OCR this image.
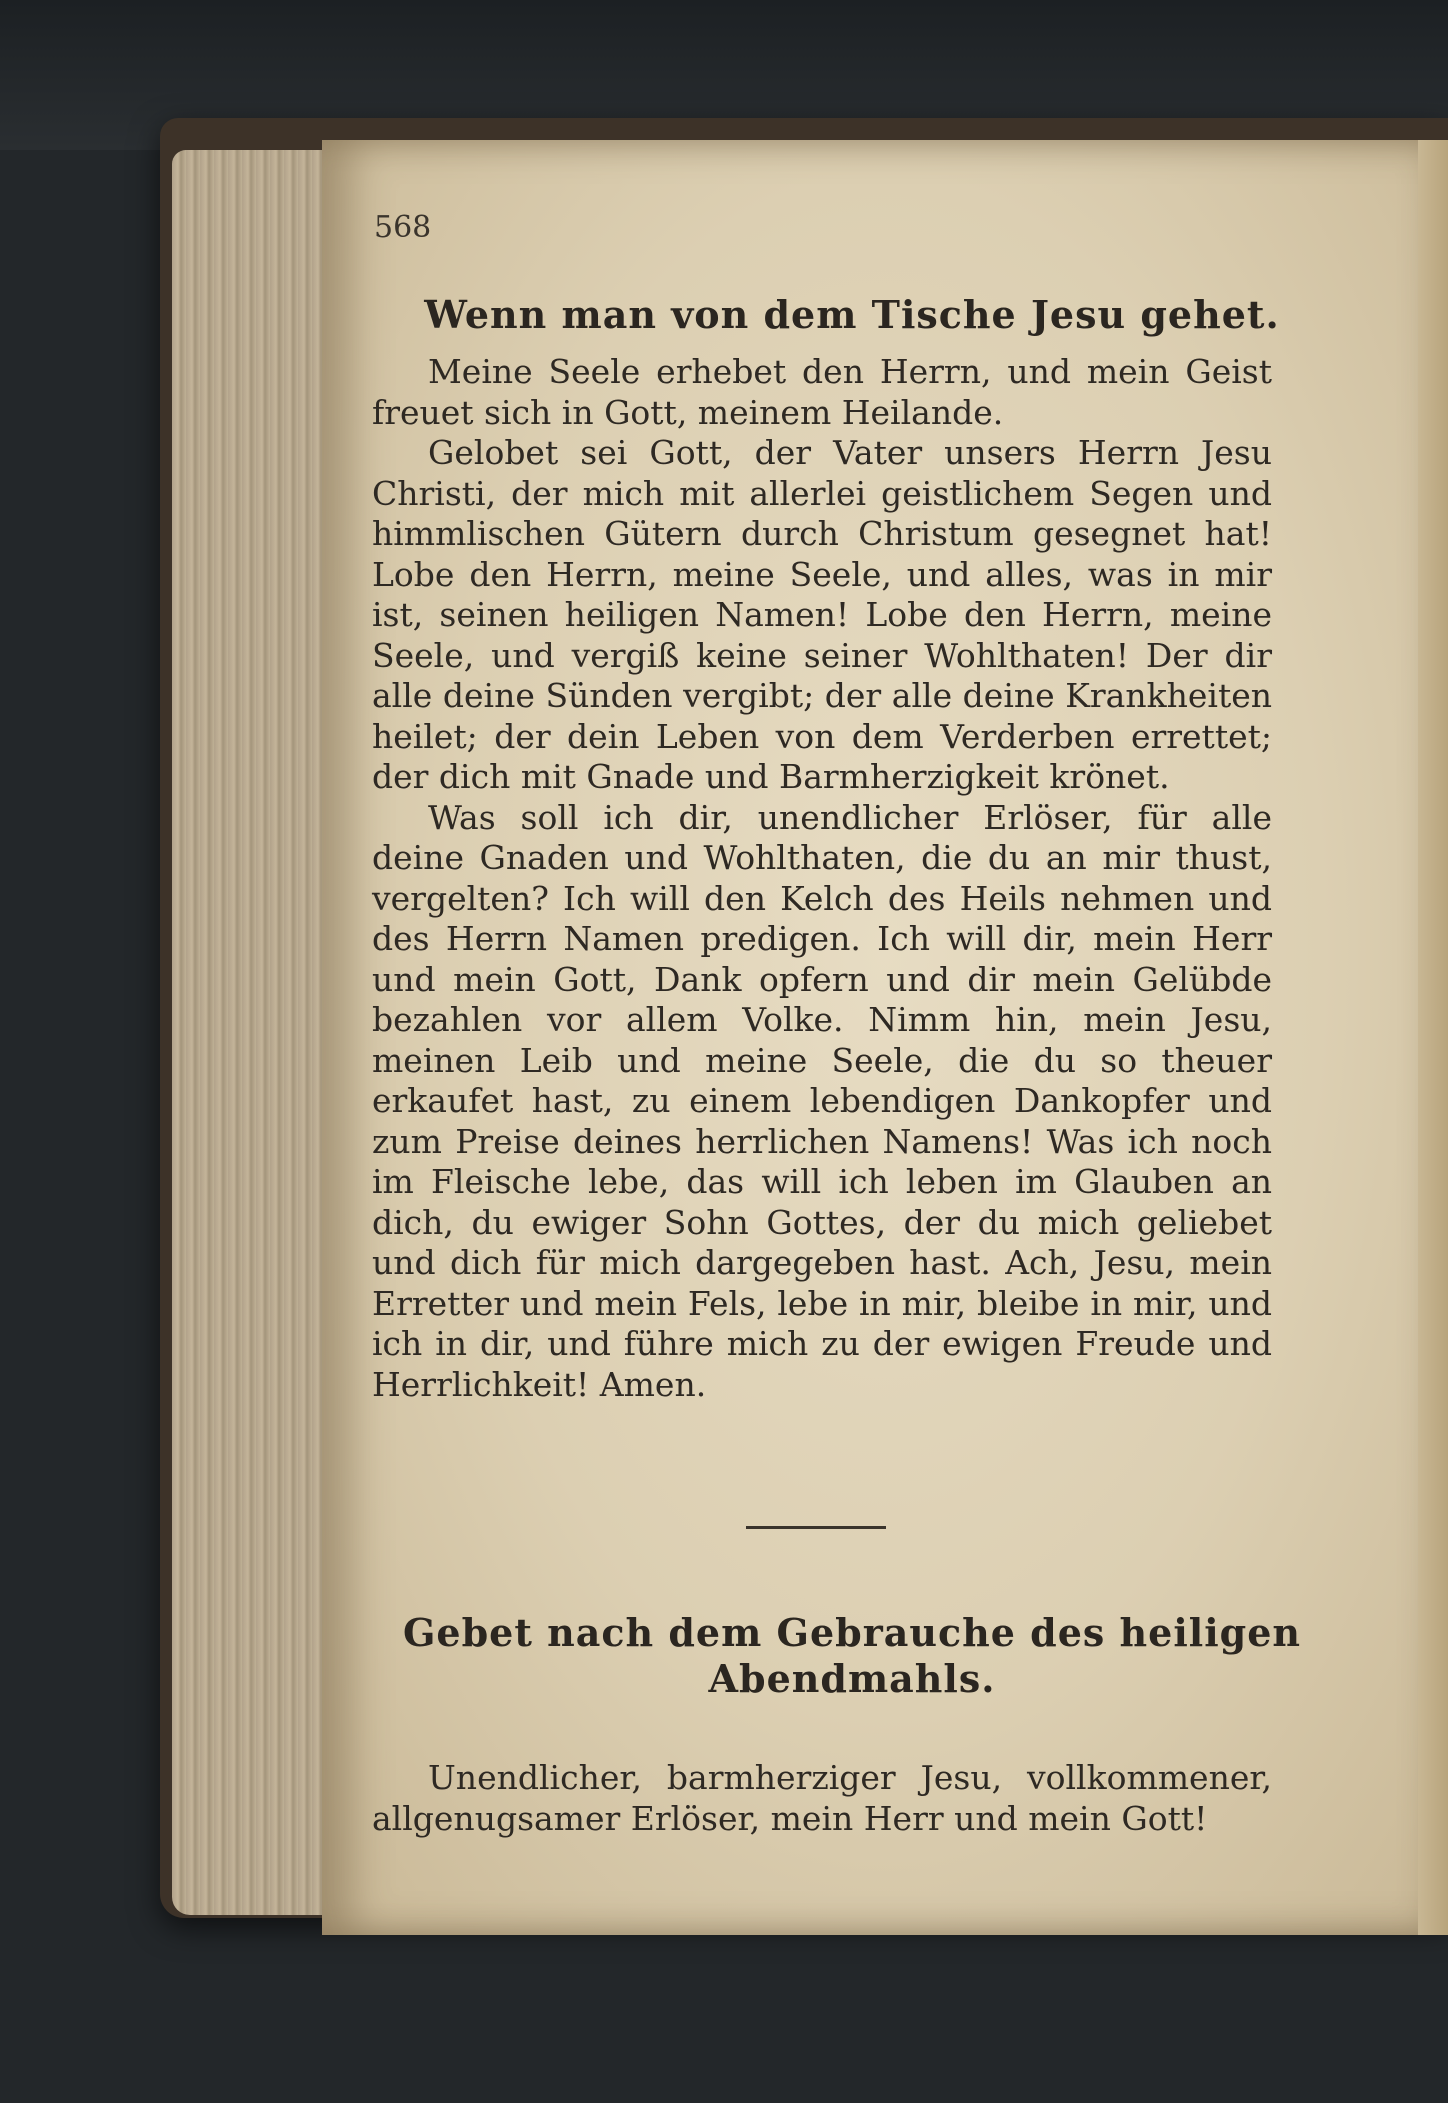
568
Wenn man von dem Tische Jesu gehet.

Meine Seele erhebet den Herrn, und mein Geist freuet sich in Gott, meinem Heilande.

Gelobet sei Gott, der Vater unsers Herrn Jesu Christi, der mich mit allerlei geistlichem Segen und himmlischen Gütern durch Christum gesegnet hat! Lobe den Herrn, meine Seele, und alles, was in mir ist, seinen heiligen Namen! Lobe den Herrn, meine Seele, und vergiß keine seiner Wohlthaten! Der dir alle deine Sünden vergibt; der alle deine Krankheiten heilet; der dein Leben von dem Verderben errettet; der dich mit Gnade und Barmherzigkeit krönet.

Was soll ich dir, unendlicher Erlöser, für alle deine Gnaden und Wohlthaten, die du an mir thust, vergelten? Ich will den Kelch des Heils nehmen und des Herrn Namen predigen. Ich will dir, mein Herr und mein Gott, Dank opfern und dir mein Gelübde bezahlen vor allem Volke. Nimm hin, mein Jesu, meinen Leib und meine Seele, die du so theuer erkaufet hast, zu einem lebendigen Dankopfer und zum Preise deines herrlichen Namens! Was ich noch im Fleische lebe, das will ich leben im Glauben an dich, du ewiger Sohn Gottes, der du mich geliebet und dich für mich dargegeben hast. Ach, Jesu, mein Erretter und mein Fels, lebe in mir, bleibe in mir, und ich in dir, und führe mich zu der ewigen Freude und Herrlichkeit! Amen.

Gebet nach dem Gebrauche des heiligen
Abendmahls.

Unendlicher, barmherziger Jesu, vollkommener, allgenugsamer Erlöser, mein Herr und mein Gott!
